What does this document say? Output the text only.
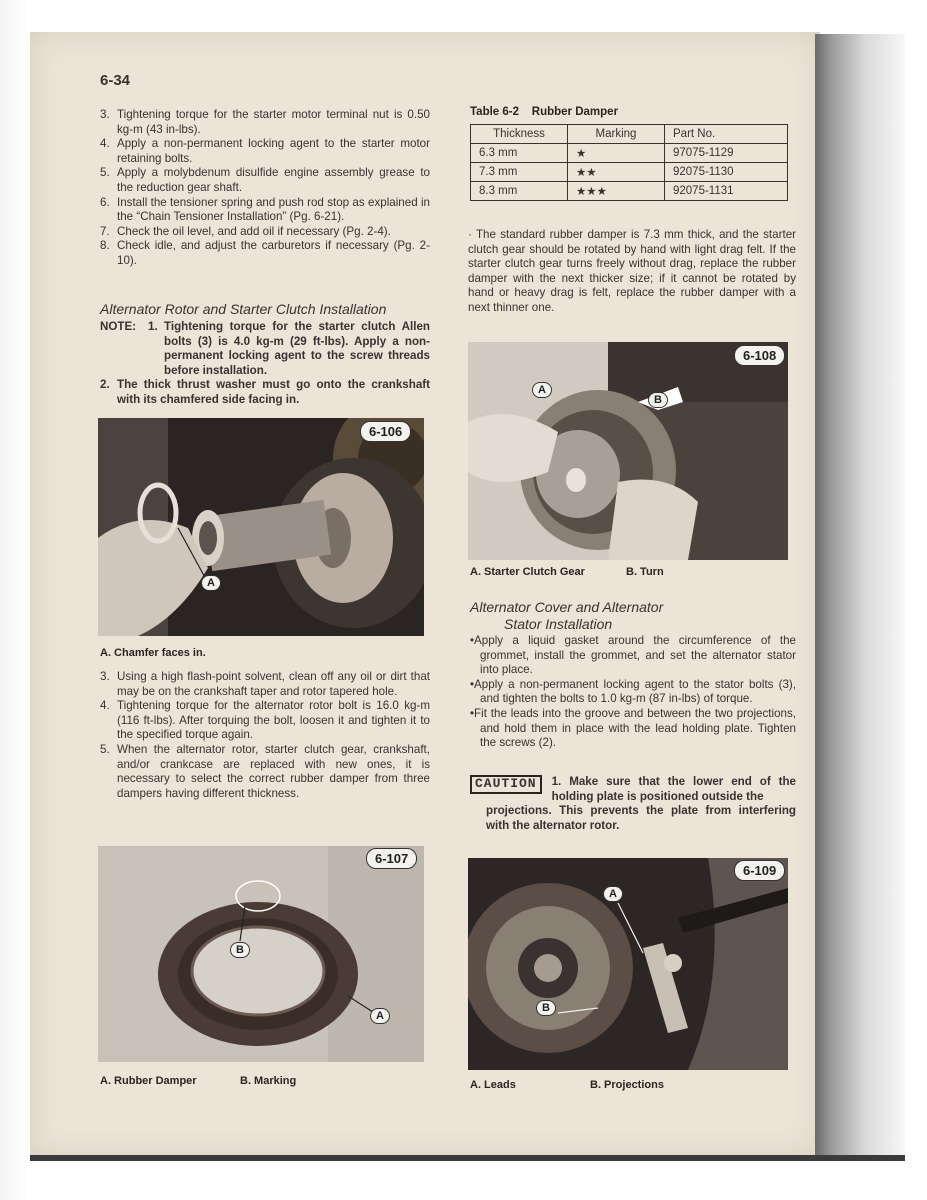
6-34
3. Tightening torque for the starter motor terminal nut is 0.50 kg-m (43 in-lbs).
4. Apply a non-permanent locking agent to the starter motor retaining bolts.
5. Apply a molybdenum disulfide engine assembly grease to the reduction gear shaft.
6. Install the tensioner spring and push rod stop as explained in the “Chain Tensioner Installation” (Pg. 6-21).
7. Check the oil level, and add oil if necessary (Pg. 2-4).
8. Check idle, and adjust the carburetors if necessary (Pg. 2-10).
Alternator Rotor and Starter Clutch Installation
NOTE: 1. Tightening torque for the starter clutch Allen bolts (3) is 4.0 kg-m (29 ft-lbs). Apply a non-permanent locking agent to the screw threads before installation.
2. The thick thrust washer must go onto the crankshaft with its chamfered side facing in.
6-106
A
A. Chamfer faces in.
3. Using a high flash-point solvent, clean off any oil or dirt that may be on the crankshaft taper and rotor tapered hole.
4. Tightening torque for the alternator rotor bolt is 16.0 kg-m (116 ft-lbs). After torquing the bolt, loosen it and tighten it to the specified torque again.
5. When the alternator rotor, starter clutch gear, crankshaft, and/or crankcase are replaced with new ones, it is necessary to select the correct rubber damper from three dampers having different thickness.
6-107
B
A
A. Rubber Damper	B. Marking
Table 6-2 Rubber Damper
Thickness	Marking	Part No.
6.3 mm	★	97075-1129
7.3 mm	★★	92075-1130
8.3 mm	★★★	92075-1131
· The standard rubber damper is 7.3 mm thick, and the starter clutch gear should be rotated by hand with light drag felt. If the starter clutch gear turns freely without drag, replace the rubber damper with the next thicker size; if it cannot be rotated by hand or heavy drag is felt, replace the rubber damper with a next thinner one.
6-108
A
B
A. Starter Clutch Gear	B. Turn
Alternator Cover and Alternator
Stator Installation
•Apply a liquid gasket around the circumference of the grommet, install the grommet, and set the alternator stator into place.
•Apply a non-permanent locking agent to the stator bolts (3), and tighten the bolts to 1.0 kg-m (87 in-lbs) of torque.
•Fit the leads into the groove and between the two projections, and hold them in place with the lead holding plate. Tighten the screws (2).
CAUTION	1. Make sure that the lower end of the holding plate is positioned outside the
projections. This prevents the plate from interfering with the alternator rotor.
6-109
A
B
A. Leads	B. Projections
